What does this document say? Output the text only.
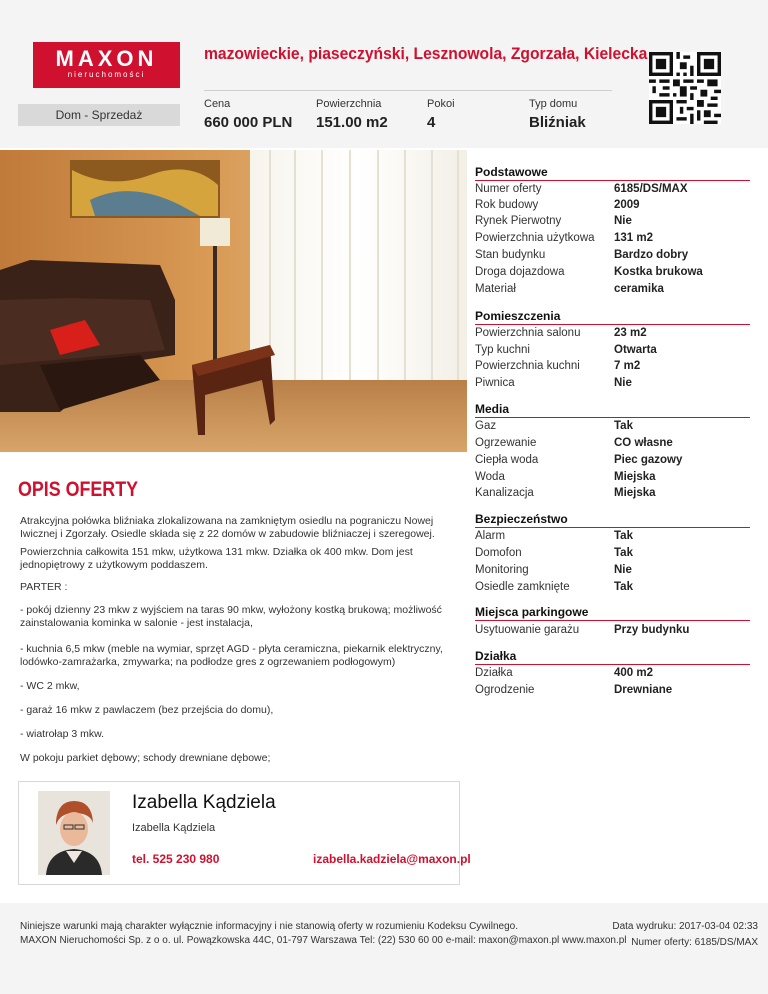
MAXON
nieruchomości
mazowieckie, piaseczyński, Lesznowola, Zgorzała, Kielecka
Dom - Sprzedaż
Cena
660 000 PLN
Powierzchnia
151.00 m2
Pokoi
4
Typ domu
Bliźniak
OPIS OFERTY

Atrakcyjna połówka bliźniaka zlokalizowana na zamkniętym osiedlu na pograniczu Nowej Iwicznej i Zgorzały. Osiedle składa się z 22 domów w zabudowie bliźniaczej i szeregowej.

Powierzchnia całkowita 151 mkw, użytkowa 131 mkw. Działka ok 400 mkw. Dom jest jednopiętrowy z użytkowym poddaszem.

PARTER :

- pokój dzienny 23 mkw z wyjściem na taras 90 mkw, wyłożony kostką brukową; możliwość zainstalowania kominka w salonie - jest instalacja,

- kuchnia 6,5 mkw (meble na wymiar, sprzęt AGD - płyta ceramiczna, piekarnik elektryczny, lodówko-zamrażarka, zmywarka; na podłodze gres z ogrzewaniem podłogowym)

- WC 2 mkw,

- garaż 16 mkw z pawlaczem (bez przejścia do domu),

- wiatrołap 3 mkw.

W pokoju parkiet dębowy; schody drewniane dębowe;

Podstawowe
Numer oferty	6185/DS/MAX
Rok budowy	2009
Rynek Pierwotny	Nie
Powierzchnia użytkowa 131 m2
Stan budynku	Bardzo dobry
Droga dojazdowa	Kostka brukowa
Materiał	ceramika
Pomieszczenia
Powierzchnia salonu	23 m2
Typ kuchni	Otwarta
Powierzchnia kuchni	7 m2
Piwnica	Nie
Media
Gaz	Tak
Ogrzewanie	CO własne
Ciepła woda	Piec gazowy
Woda	Miejska
Kanalizacja	Miejska
Bezpieczeństwo
Alarm	Tak
Domofon	Tak
Monitoring	Nie
Osiedle zamknięte	Tak
Miejsca parkingowe
Usytuowanie garażu	Przy budynku
Działka
Działka	400 m2
Ogrodzenie	Drewniane
Izabella Kądziela
Izabella Kądziela
tel. 525 230 980	izabella.kadziela@maxon.pl
Niniejsze warunki mają charakter wyłącznie informacyjny i nie stanowią oferty w rozumieniu Kodeksu Cywilnego.
MAXON Nieruchomości Sp. z o o. ul. Powązkowska 44C, 01-797 Warszawa Tel: (22) 530 60 00 e-mail: maxon@maxon.pl www.maxon.pl
Data wydruku: 2017-03-04 02:33
Numer oferty: 6185/DS/MAX
